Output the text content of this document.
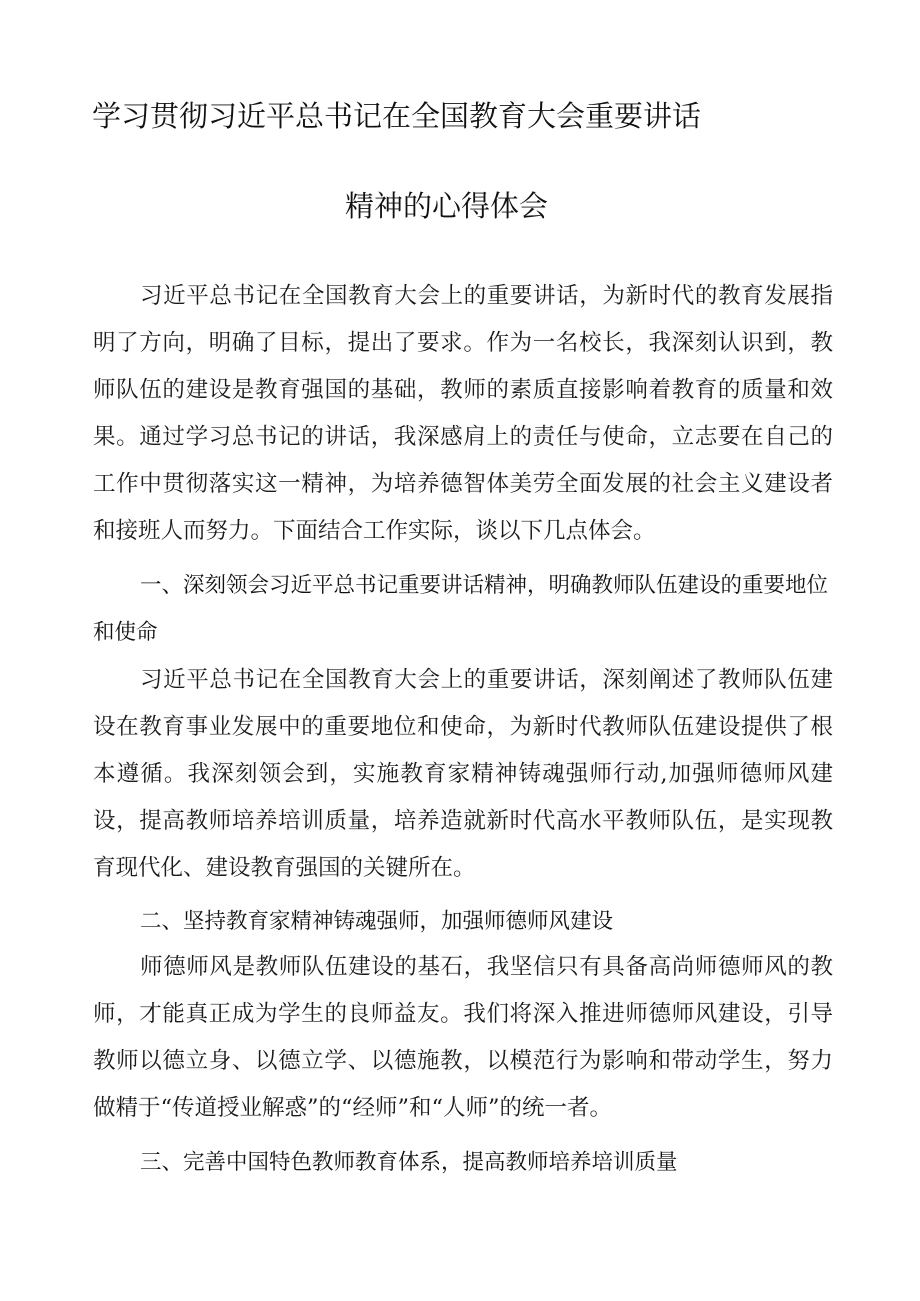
学习贯彻习近平总书记在全国教育大会重要讲话
精神的心得体会

习近平总书记在全国教育大会上的重要讲话，为新时代的教育发展指明了方向，明确了目标，提出了要求。作为一名校长，我深刻认识到，教师队伍的建设是教育强国的基础，教师的素质直接影响着教育的质量和效果。通过学习总书记的讲话，我深感肩上的责任与使命，立志要在自己的工作中贯彻落实这一精神，为培养德智体美劳全面发展的社会主义建设者和接班人而努力。下面结合工作实际，谈以下几点体会。

一、深刻领会习近平总书记重要讲话精神，明确教师队伍建设的重要地位和使命

习近平总书记在全国教育大会上的重要讲话，深刻阐述了教师队伍建设在教育事业发展中的重要地位和使命，为新时代教师队伍建设提供了根本遵循。我深刻领会到，实施教育家精神铸魂强师行动,加强师德师风建设，提高教师培养培训质量，培养造就新时代高水平教师队伍，是实现教育现代化、建设教育强国的关键所在。

二、坚持教育家精神铸魂强师，加强师德师风建设

师德师风是教师队伍建设的基石，我坚信只有具备高尚师德师风的教师，才能真正成为学生的良师益友。我们将深入推进师德师风建设，引导教师以德立身、以德立学、以德施教，以模范行为影响和带动学生，努力做精于“传道授业解惑”的“经师”和“人师”的统一者。

三、完善中国特色教师教育体系，提高教师培养培训质量
